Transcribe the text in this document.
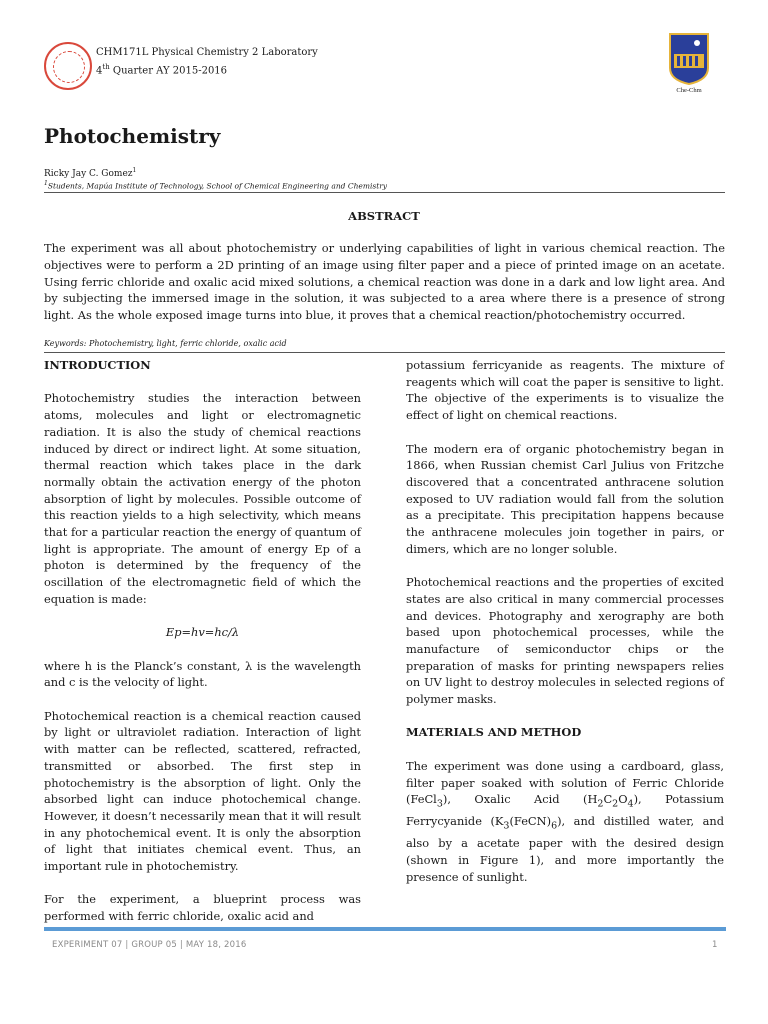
CHM171L Physical Chemistry 2 Laboratory
4th Quarter AY 2015-2016
Che-Chm
Photochemistry
Ricky Jay C. Gomez$^1$
$^1$Students, Mapúa Institute of Technology, School of Chemical Engineering and Chemistry
ABSTRACT

The experiment was all about photochemistry or underlying capabilities of light in various chemical reaction. The objectives were to perform a 2D printing of an image using filter paper and a piece of printed image on an acetate. Using ferric chloride and oxalic acid mixed solutions, a chemical reaction was done in a dark and low light area. And by subjecting the immersed image in the solution, it was subjected to a area where there is a presence of strong light. As the whole exposed image turns into blue, it proves that a chemical reaction/photochemistry occurred.

Keywords: Photochemistry, light, ferric chloride, oxalic acid
INTRODUCTION

Photochemistry studies the interaction between atoms, molecules and light or electromagnetic radiation. It is also the study of chemical reactions induced by direct or indirect light. At some situation, thermal reaction which takes place in the dark normally obtain the activation energy of the photon absorption of light by molecules. Possible outcome of this reaction yields to a high selectivity, which means that for a particular reaction the energy of quantum of light is appropriate. The amount of energy Ep of a photon is determined by the frequency of the oscillation of the electromagnetic field of which the equation is made:

Ep=hv=hc/λ

where h is the Planck’s constant, λ is the wavelength and c is the velocity of light.

Photochemical reaction is a chemical reaction caused by light or ultraviolet radiation. Interaction of light with matter can be reflected, scattered, refracted, transmitted or absorbed. The first step in photochemistry is the absorption of light. Only the absorbed light can induce photochemical change. However, it doesn’t necessarily mean that it will result in any photochemical event. It is only the absorption of light that initiates chemical event. Thus, an important rule in photochemistry.

For the experiment, a blueprint process was performed with ferric chloride, oxalic acid and

potassium ferricyanide as reagents. The mixture of reagents which will coat the paper is sensitive to light. The objective of the experiments is to visualize the effect of light on chemical reactions.

The modern era of organic photochemistry began in 1866, when Russian chemist Carl Julius von Fritzche discovered that a concentrated anthracene solution exposed to UV radiation would fall from the solution as a precipitate. This precipitation happens because the anthracene molecules join together in pairs, or dimers, which are no longer soluble.

Photochemical reactions and the properties of excited states are also critical in many commercial processes and devices. Photography and xerography are both based upon photochemical processes, while the manufacture of semiconductor chips or the preparation of masks for printing newspapers relies on UV light to destroy molecules in selected regions of polymer masks.

MATERIALS AND METHOD

The experiment was done using a cardboard, glass, filter paper soaked with solution of Ferric Chloride (FeCl$_3$), Oxalic Acid $(H_2C_2O_4)$, Potassium Ferrycyanide $(K_3(FeCN)_6)$, and distilled water, and also by a acetate paper with the desired design (shown in Figure 1), and more importantly the presence of sunlight.

EXPERIMENT 07 | GROUP 05 | MAY 18, 2016	1
